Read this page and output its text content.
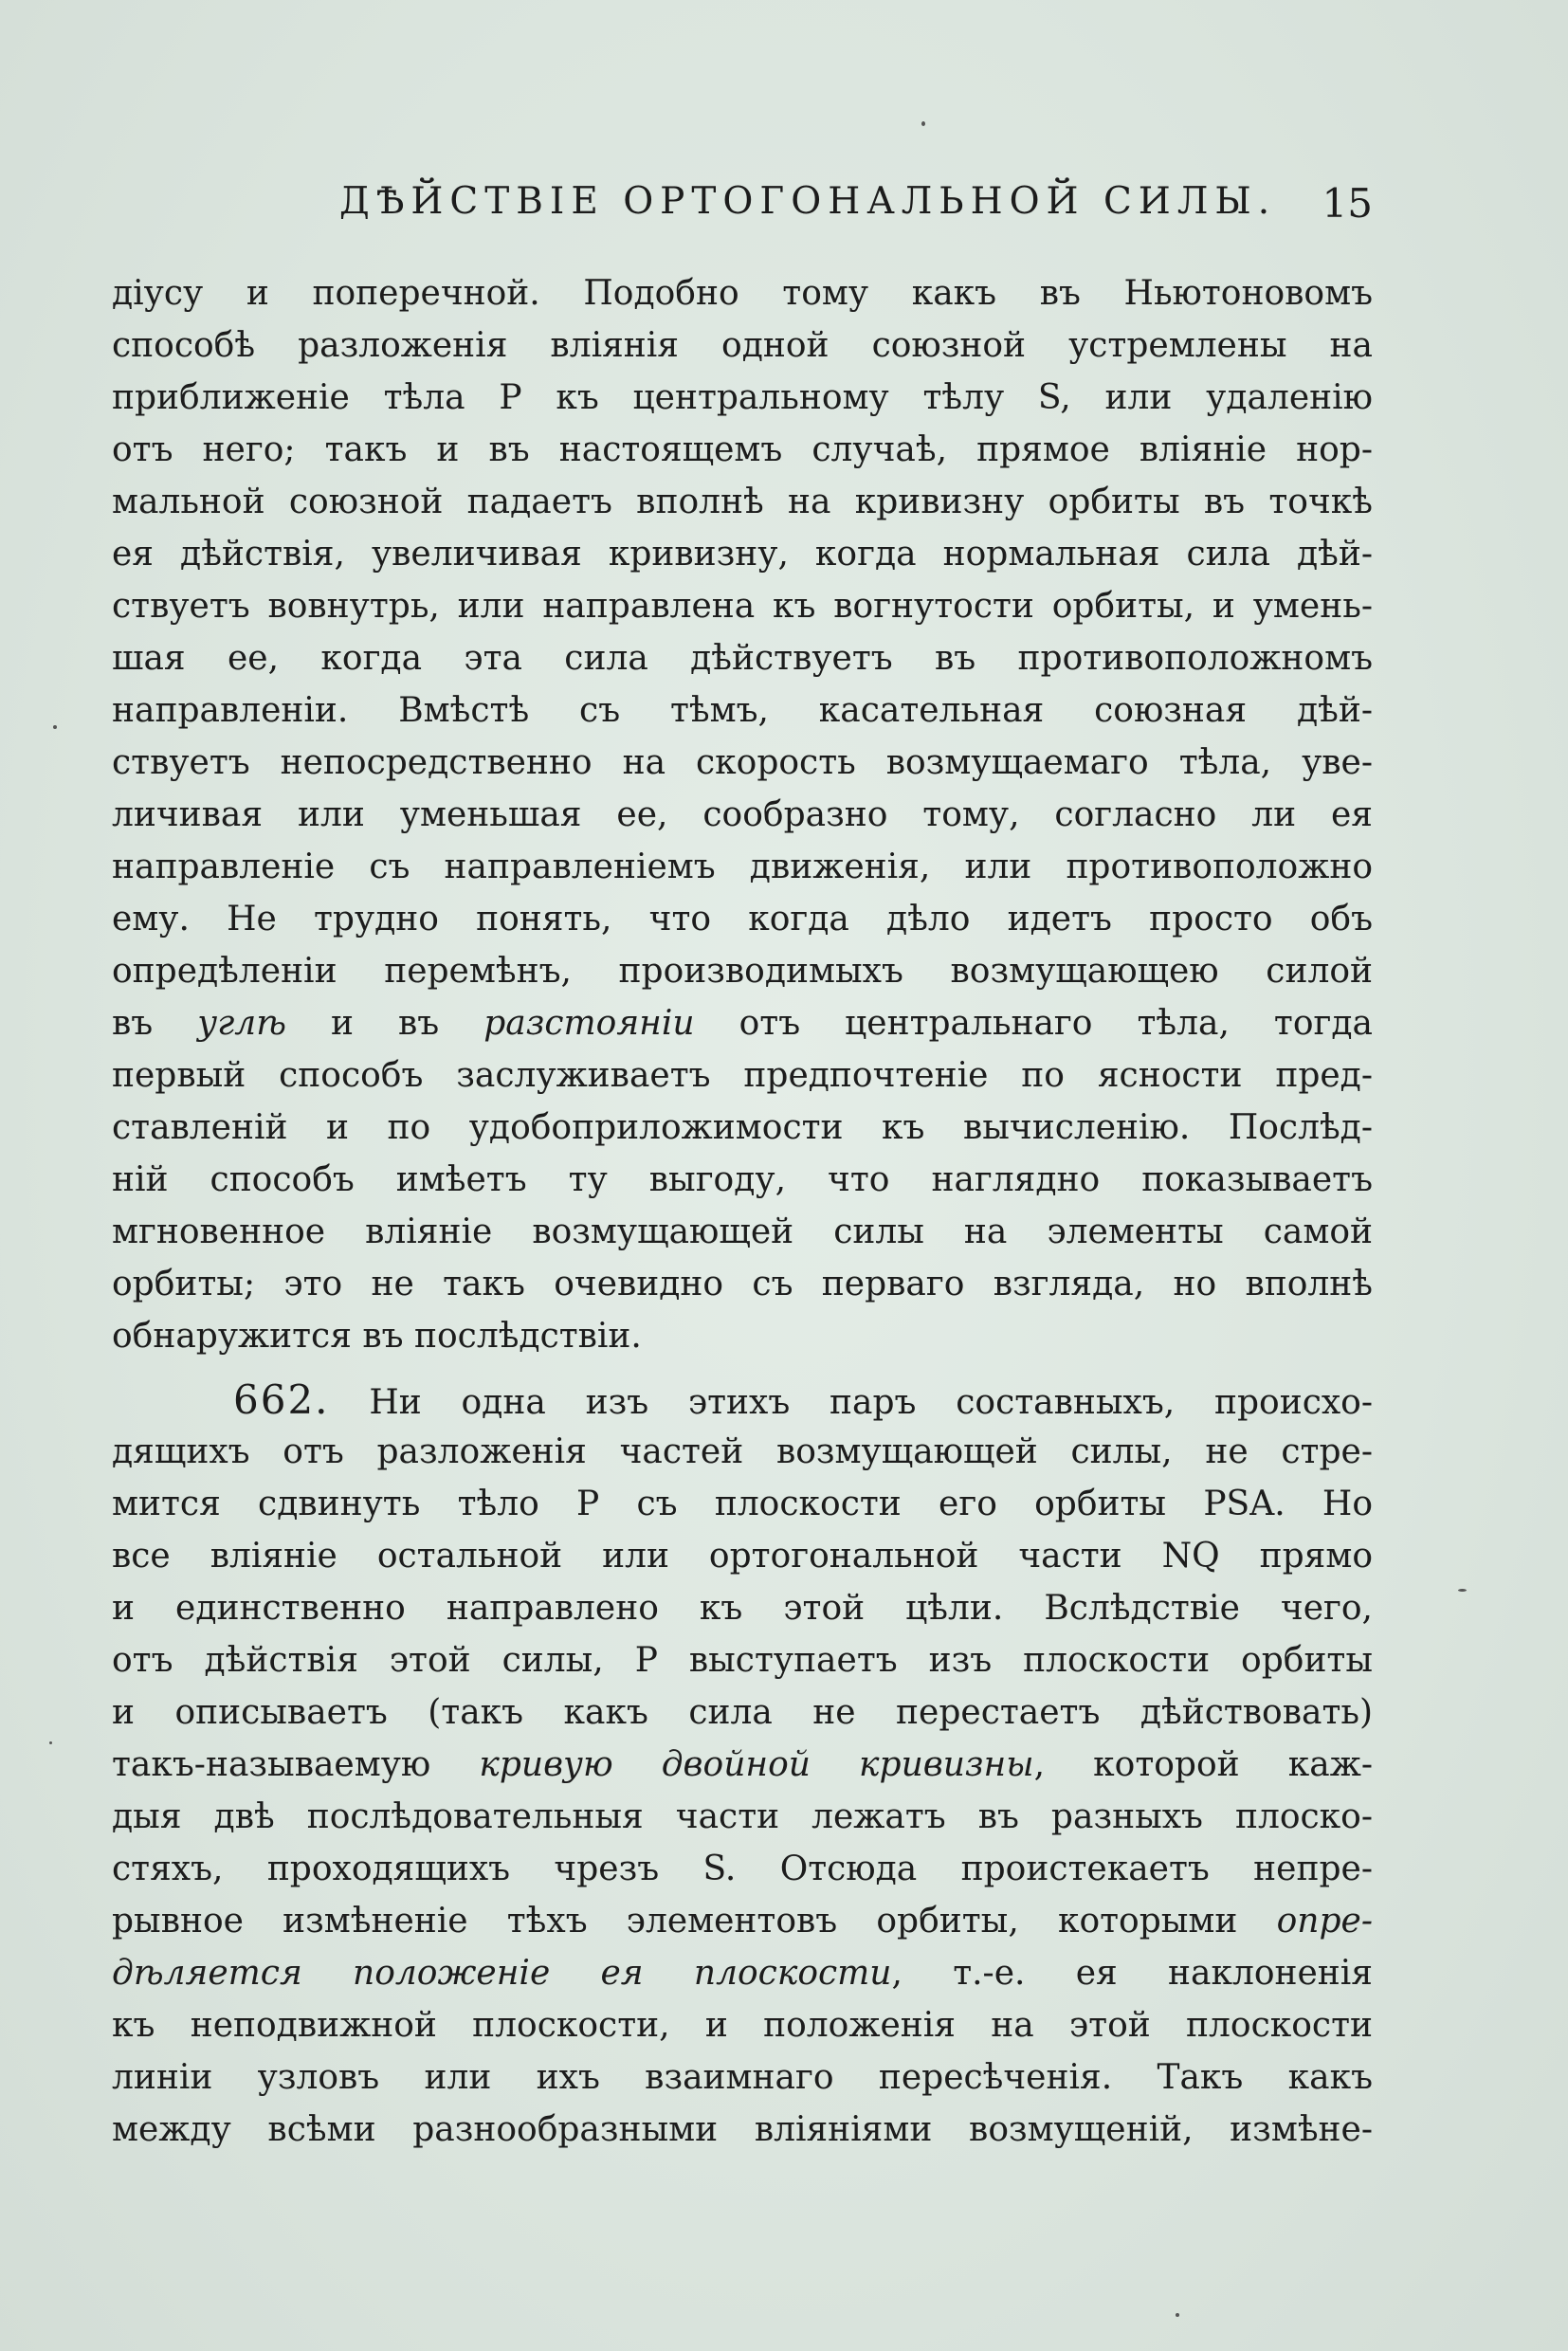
ДѢЙСТВІЕ ОРТОГОНАЛЬНОЙ СИЛЫ. 15
діусу и поперечной. Подобно тому какъ въ Ньютоновомъ
способѣ разложенія вліянія одной союзной устремлены на
приближеніе тѣла P къ центральному тѣлу S, или удаленію
отъ него; такъ и въ настоящемъ случаѣ, прямое вліяніе нор-
мальной союзной падаетъ вполнѣ на кривизну орбиты въ точкѣ
ея дѣйствія, увеличивая кривизну, когда нормальная сила дѣй-
ствуетъ вовнутрь, или направлена къ вогнутости орбиты, и умень-
шая ее, когда эта сила дѣйствуетъ въ противоположномъ
направленіи. Вмѣстѣ съ тѣмъ, касательная союзная дѣй-
ствуетъ непосредственно на скорость возмущаемаго тѣла, уве-
личивая или уменьшая ее, сообразно тому, согласно ли ея
направленіе съ направленіемъ движенія, или противоположно
ему. Не трудно понять, что когда дѣло идетъ просто объ
опредѣленіи перемѣнъ, производимыхъ возмущающею силой
въ углѣ и въ разстояніи отъ центральнаго тѣла, тогда
первый способъ заслуживаетъ предпочтеніе по ясности пред-
ставленій и по удобоприложимости къ вычисленію. Послѣд-
ній способъ имѣетъ ту выгоду, что наглядно показываетъ
мгновенное вліяніе возмущающей силы на элементы самой
орбиты; это не такъ очевидно съ перваго взгляда, но вполнѣ
обнаружится въ послѣдствіи.
662. Ни одна изъ этихъ паръ составныхъ, происхо-
дящихъ отъ разложенія частей возмущающей силы, не стре-
мится сдвинуть тѣло P съ плоскости его орбиты PSA. Но
все вліяніе остальной или ортогональной части NQ прямо
и единственно направлено къ этой цѣли. Вслѣдствіе чего,
отъ дѣйствія этой силы, P выступаетъ изъ плоскости орбиты
и описываетъ (такъ какъ сила не перестаетъ дѣйствовать)
такъ-называемую кривую двойной кривизны, которой каж-
дыя двѣ послѣдовательныя части лежатъ въ разныхъ плоско-
стяхъ, проходящихъ чрезъ S. Отсюда проистекаетъ непре-
рывное измѣненіе тѣхъ элементовъ орбиты, которыми опре-
дѣляется положеніе ея плоскости, т.-е. ея наклоненія
къ неподвижной плоскости, и положенія на этой плоскости
линіи узловъ или ихъ взаимнаго пересѣченія. Такъ какъ
между всѣми разнообразными вліяніями возмущеній, измѣне-
